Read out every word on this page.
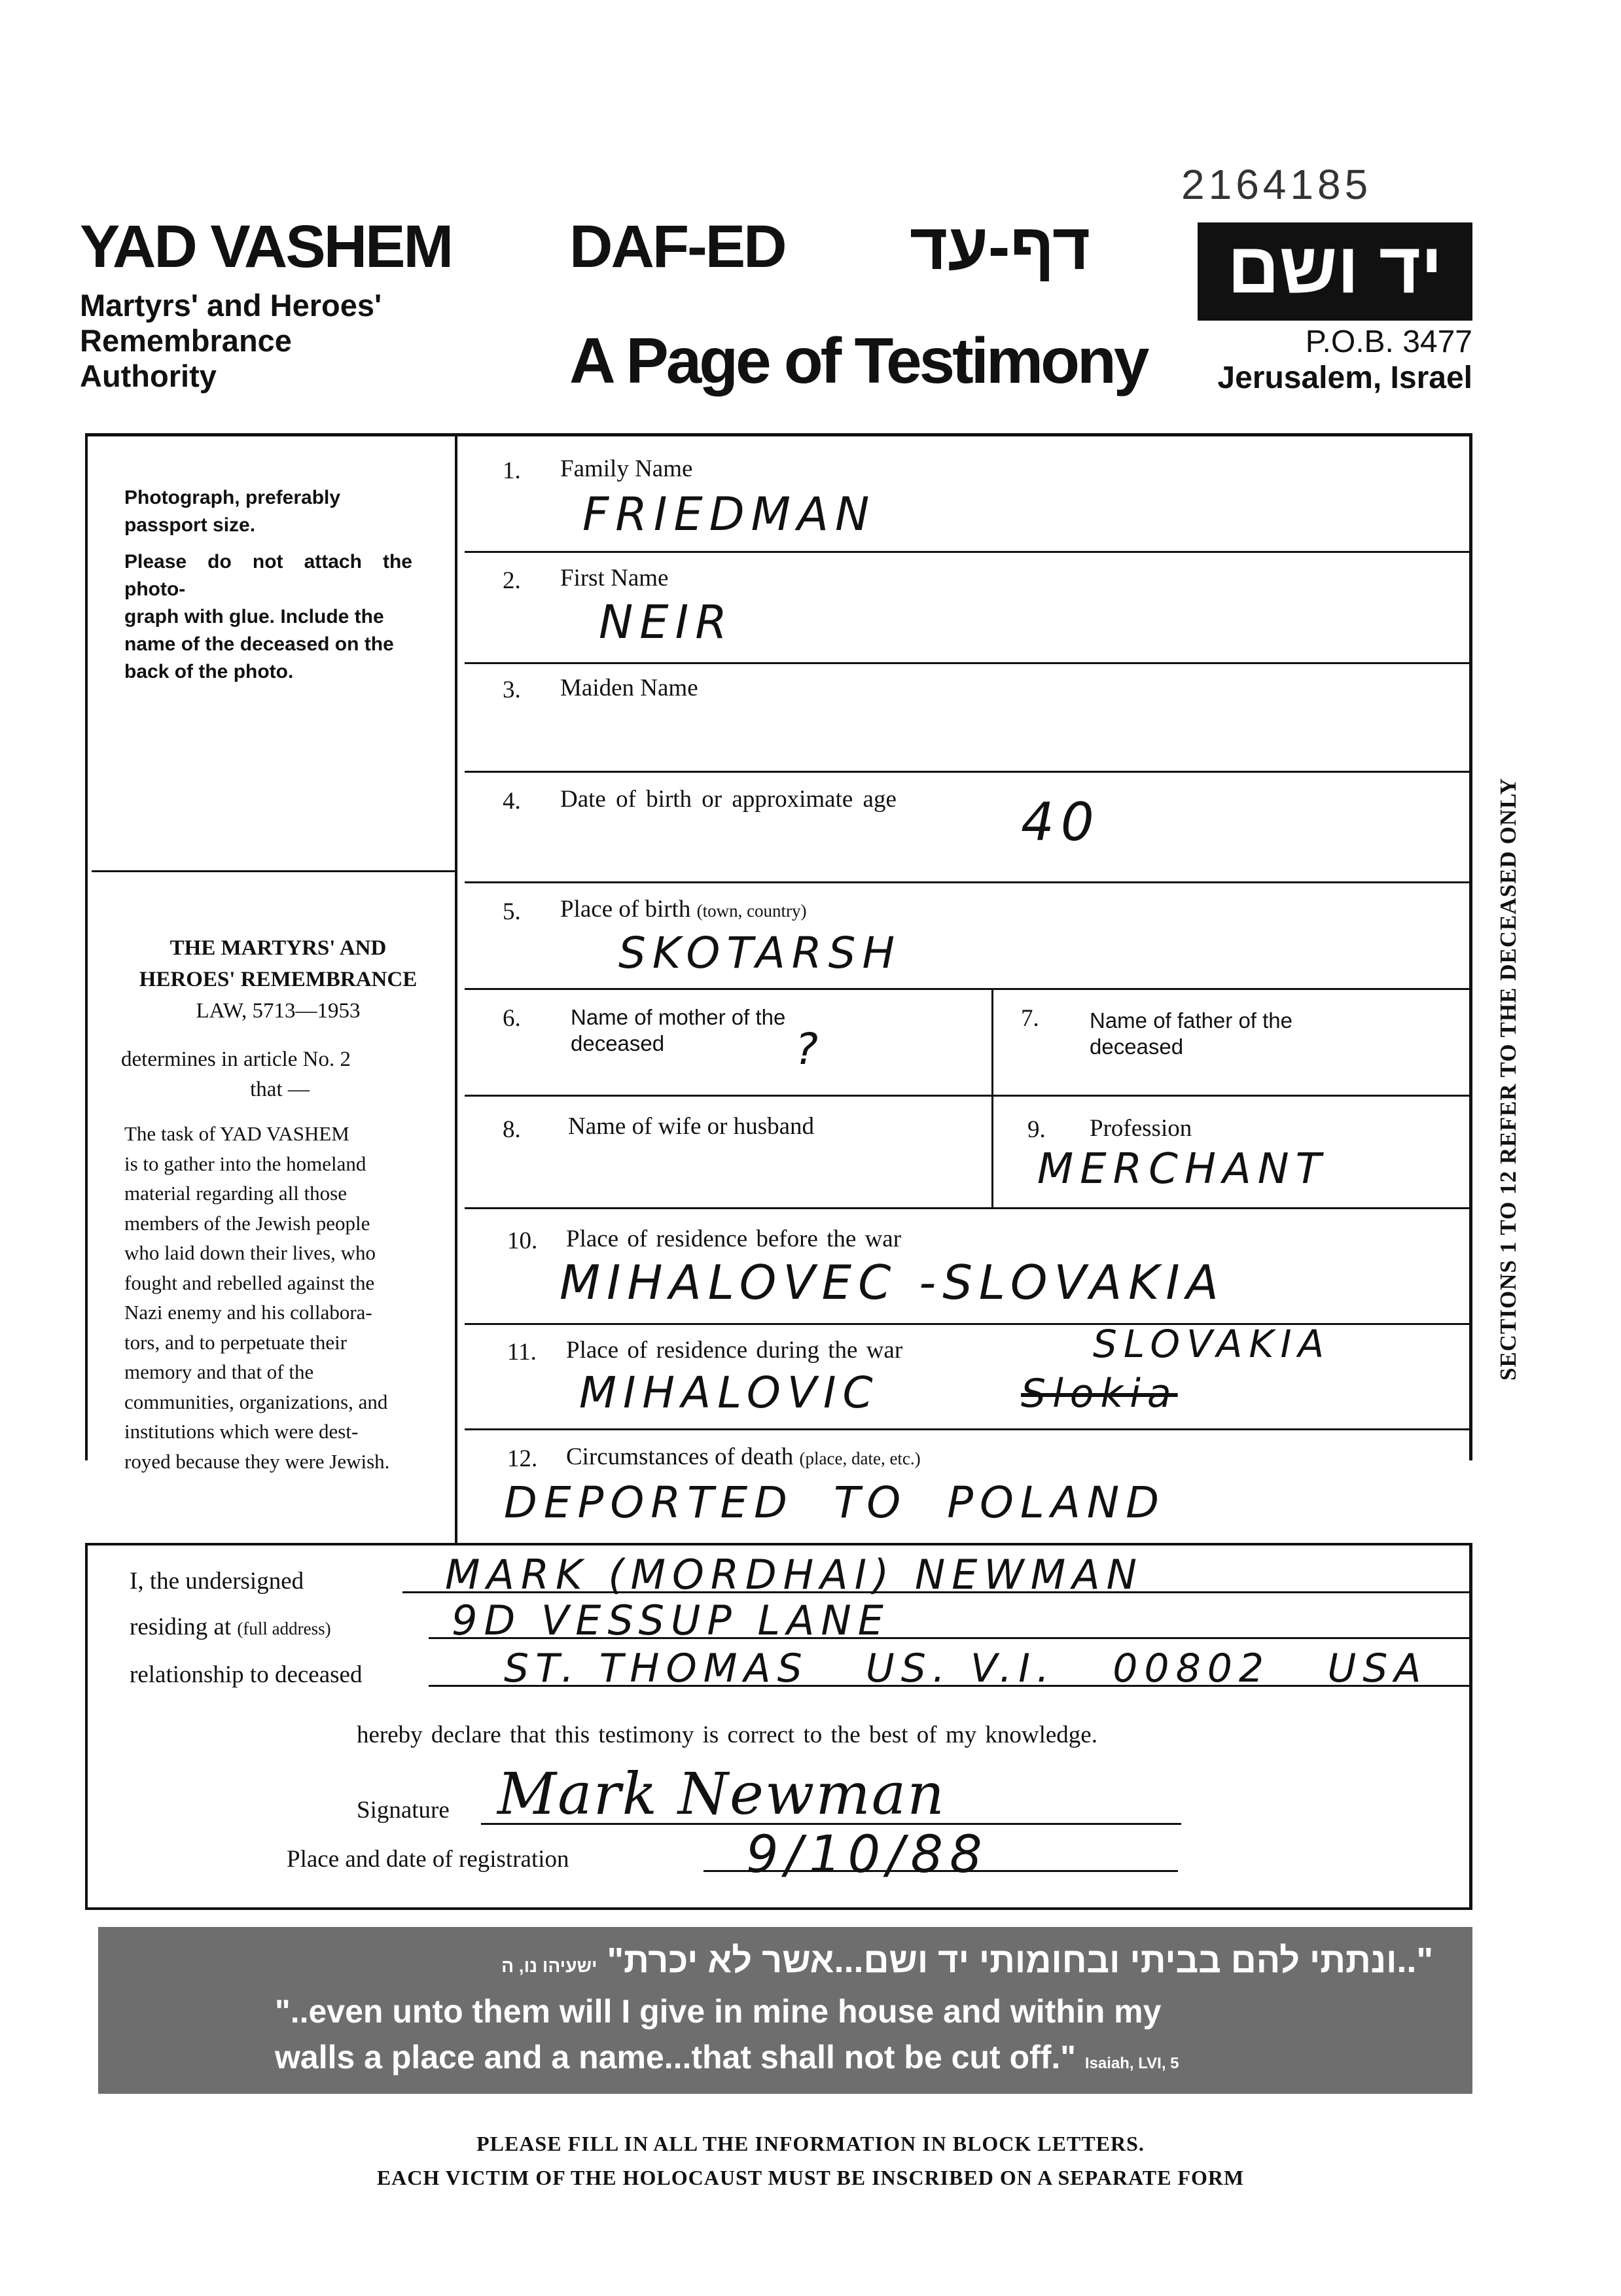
2164185
YAD VASHEM
Martyrs' and Heroes'
Remembrance
Authority
DAF-ED דף-עד
A Page of Testimony
יד ושם
P.O.B. 3477
Jerusalem, Israel
Photograph, preferably
passport size.
Please do not attach the photo-
graph with glue. Include the
name of the deceased on the
back of the photo.
THE MARTYRS' AND
HEROES' REMEMBRANCE
LAW, 5713—1953
determines in article No. 2
that —
The task of YAD VASHEM
is to gather into the homeland
material regarding all those
members of the Jewish people
who laid down their lives, who
fought and rebelled against the
Nazi enemy and his collabora-
tors, and to perpetuate their
memory and that of the
communities, organizations, and
institutions which were dest-
royed because they were Jewish.
SECTIONS 1 TO 12 REFER TO THE DECEASED ONLY
1. Family Name
FRIEDMAN
2. First Name
NEIR
3. Maiden Name
4. Date of birth or approximate age 40
5. Place of birth (town, country)
SKOTARSH
6. Name of mother of the
deceased	?
7. Name of father of the
deceased
8. Name of wife or husband	9. Profession
MERCHANT
10. Place of residence before the war
MIHALOVEC -SLOVAKIA
11. Place of residence during the war	SLOVAKIA
MIHALOVIC	Slokia
12. Circumstances of death (place, date, etc.)
DEPORTED TO POLAND
I, the undersigned	MARK (MORDHAI) NEWMAN
residing at (full address)	9D VESSUP LANE
relationship to deceased	ST. THOMAS   US. V.I.   00802   USA
hereby declare that this testimony is correct to the best of my knowledge.
Signature Mark Newman
Place and date of registration	9/10/88
"..ונתתי להם בביתי ובחומותי יד ושם...אשר לא יכרת" ישעיהו נו, ה
"..even unto them will I give in mine house and within my
walls a place and a name...that shall not be cut off." Isaiah, LVI, 5
PLEASE FILL IN ALL THE INFORMATION IN BLOCK LETTERS.
EACH VICTIM OF THE HOLOCAUST MUST BE INSCRIBED ON A SEPARATE FORM
